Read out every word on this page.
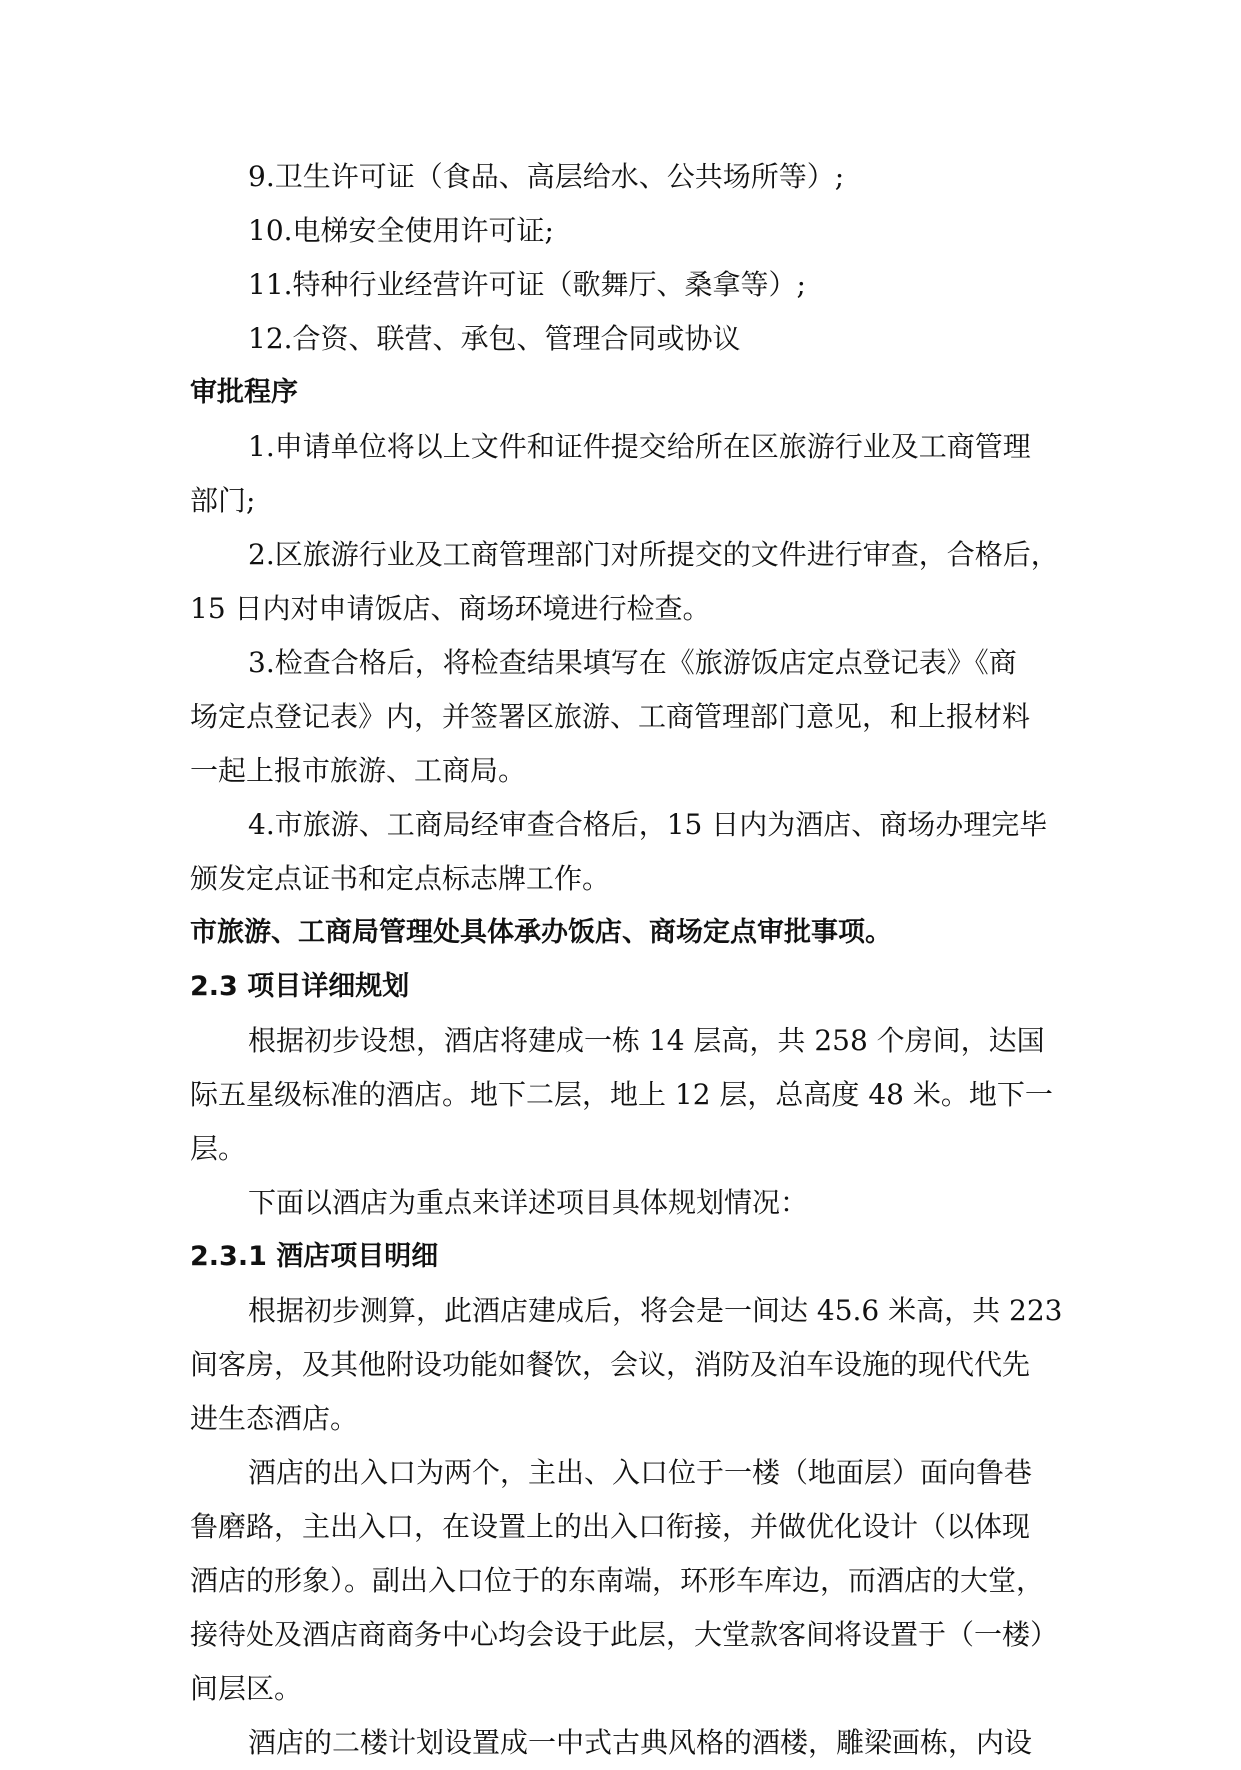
9.卫生许可证（食品、高层给水、公共场所等）;

10.电梯安全使用许可证;

11.特种行业经营许可证（歌舞厅、桑拿等）;

12.合资、联营、承包、管理合同或协议

审批程序

1.申请单位将以上文件和证件提交给所在区旅游行业及工商管理

部门;

2.区旅游行业及工商管理部门对所提交的文件进行审查，合格后，

15 日内对申请饭店、商场环境进行检查。

3.检查合格后，将检查结果填写在《旅游饭店定点登记表》《商

场定点登记表》内，并签署区旅游、工商管理部门意见，和上报材料

一起上报市旅游、工商局。

4.市旅游、工商局经审查合格后，15 日内为酒店、商场办理完毕

颁发定点证书和定点标志牌工作。

市旅游、工商局管理处具体承办饭店、商场定点审批事项。
2.3 项目详细规划

根据初步设想，酒店将建成一栋 14 层高，共 258 个房间，达国

际五星级标准的酒店。地下二层，地上 12 层，总高度 48 米。地下一

层。

下面以酒店为重点来详述项目具体规划情况：

2.3.1 酒店项目明细

根据初步测算，此酒店建成后，将会是一间达 45.6 米高，共 223

间客房，及其他附设功能如餐饮，会议，消防及泊车设施的现代代先

进生态酒店。

酒店的出入口为两个，主出、入口位于一楼（地面层）面向鲁巷

鲁磨路，主出入口，在设置上的出入口衔接，并做优化设计（以体现

酒店的形象）。副出入口位于的东南端，环形车库边，而酒店的大堂，

接待处及酒店商商务中心均会设于此层，大堂款客间将设置于（一楼）

间层区。

酒店的二楼计划设置成一中式古典风格的酒楼，雕梁画栋，内设
